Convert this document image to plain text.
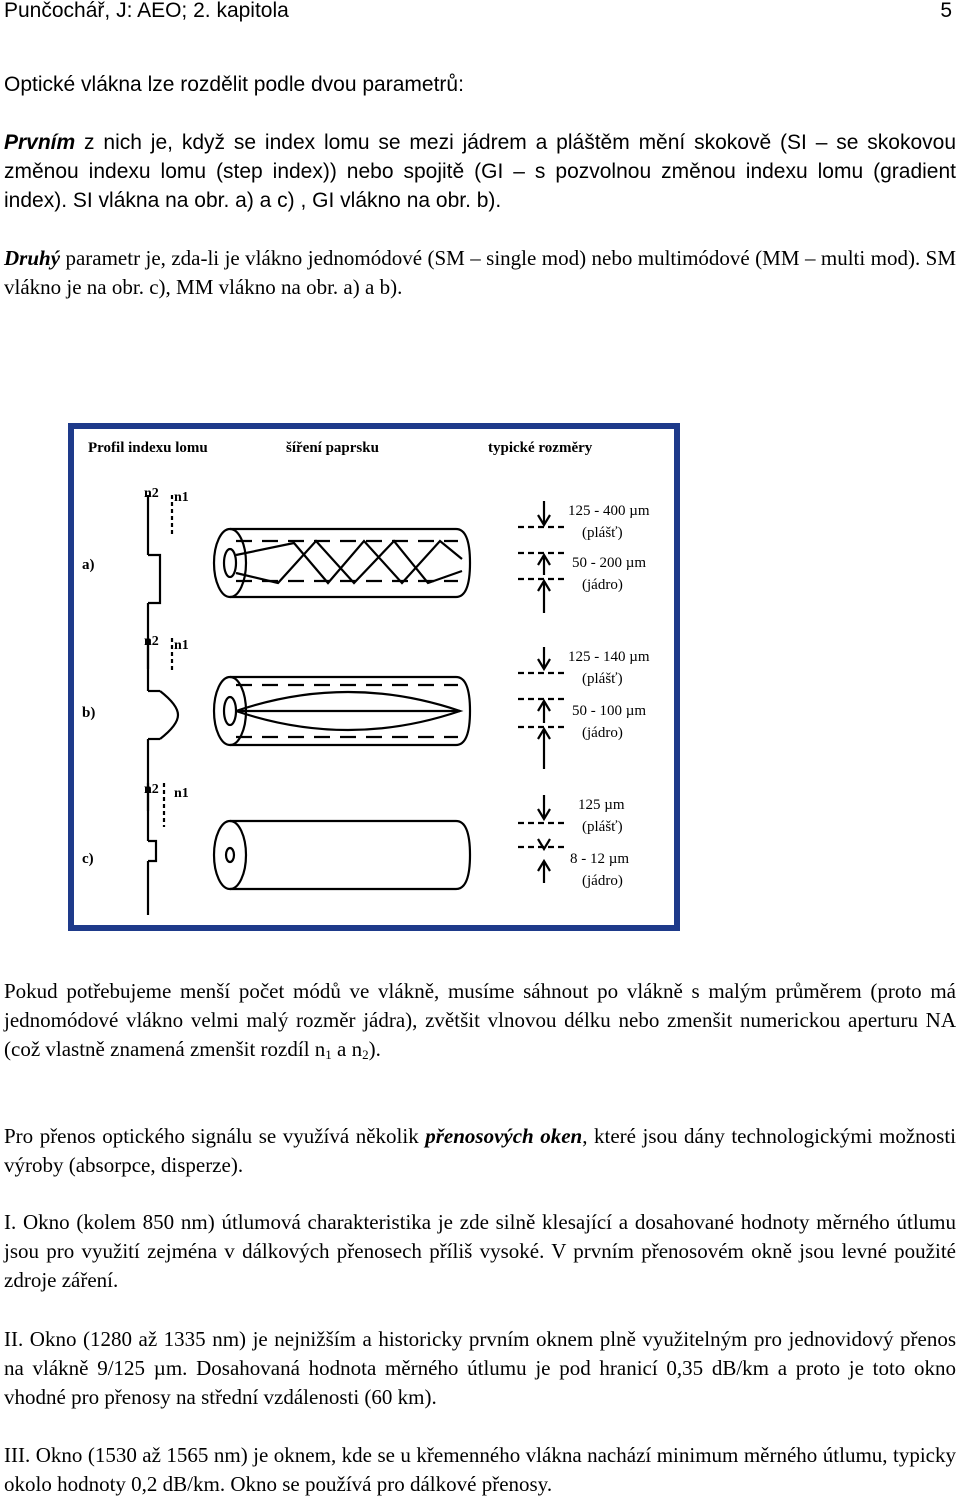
Punčochář, J: AEO; 2. kapitola	5
Optické vlákna lze rozdělit podle dvou parametrů:
Prvním z nich je, když se index lomu se mezi jádrem a pláštěm mění skokově (SI – se skokovou změnou indexu lomu (step index)) nebo spojitě (GI – s pozvolnou změnou indexu lomu (gradient index). SI vlákna na obr. a) a c) , GI vlákno na obr. b).
Druhý parametr je, zda-li je vlákno jednomódové (SM – single mod) nebo multimódové (MM – multi mod). SM vlákno je na obr. c), MM vlákno na obr. a) a b).
Profil indexu lomu	šíření paprsku	typické rozměry
n2 n1
n2 n1
n2 n1
a)
b)
c)
125 - 400 µm
(plášť)
50 - 200 µm
(jádro)
125 - 140 µm
(plášť)
50 - 100 µm
(jádro)
125 µm
(plášť)
8 - 12 µm
(jádro)
Pokud potřebujeme menší počet módů ve vlákně, musíme sáhnout po vlákně s malým průměrem (proto má jednomódové vlákno velmi malý rozměr jádra), zvětšit vlnovou délku nebo zmenšit numerickou aperturu NA (což vlastně znamená zmenšit rozdíl $n_1$ a $n_2$).
Pro přenos optického signálu se využívá několik přenosových oken, které jsou dány technologickými možnosti výroby (absorpce, disperze).
I. Okno (kolem 850 nm) útlumová charakteristika je zde silně klesající a dosahované hodnoty měrného útlumu jsou pro využití zejména v dálkových přenosech příliš vysoké. V prvním přenosovém okně jsou levné použité zdroje záření.
II. Okno (1280 až 1335 nm) je nejnižším a historicky prvním oknem plně využitelným pro jednovidový přenos na vlákně 9/125 µm. Dosahovaná hodnota měrného útlumu je pod hranicí 0,35 dB/km a proto je toto okno vhodné pro přenosy na střední vzdálenosti (60 km).
III. Okno (1530 až 1565 nm) je oknem, kde se u křemenného vlákna nachází minimum měrného útlumu, typicky okolo hodnoty 0,2 dB/km. Okno se používá pro dálkové přenosy.
